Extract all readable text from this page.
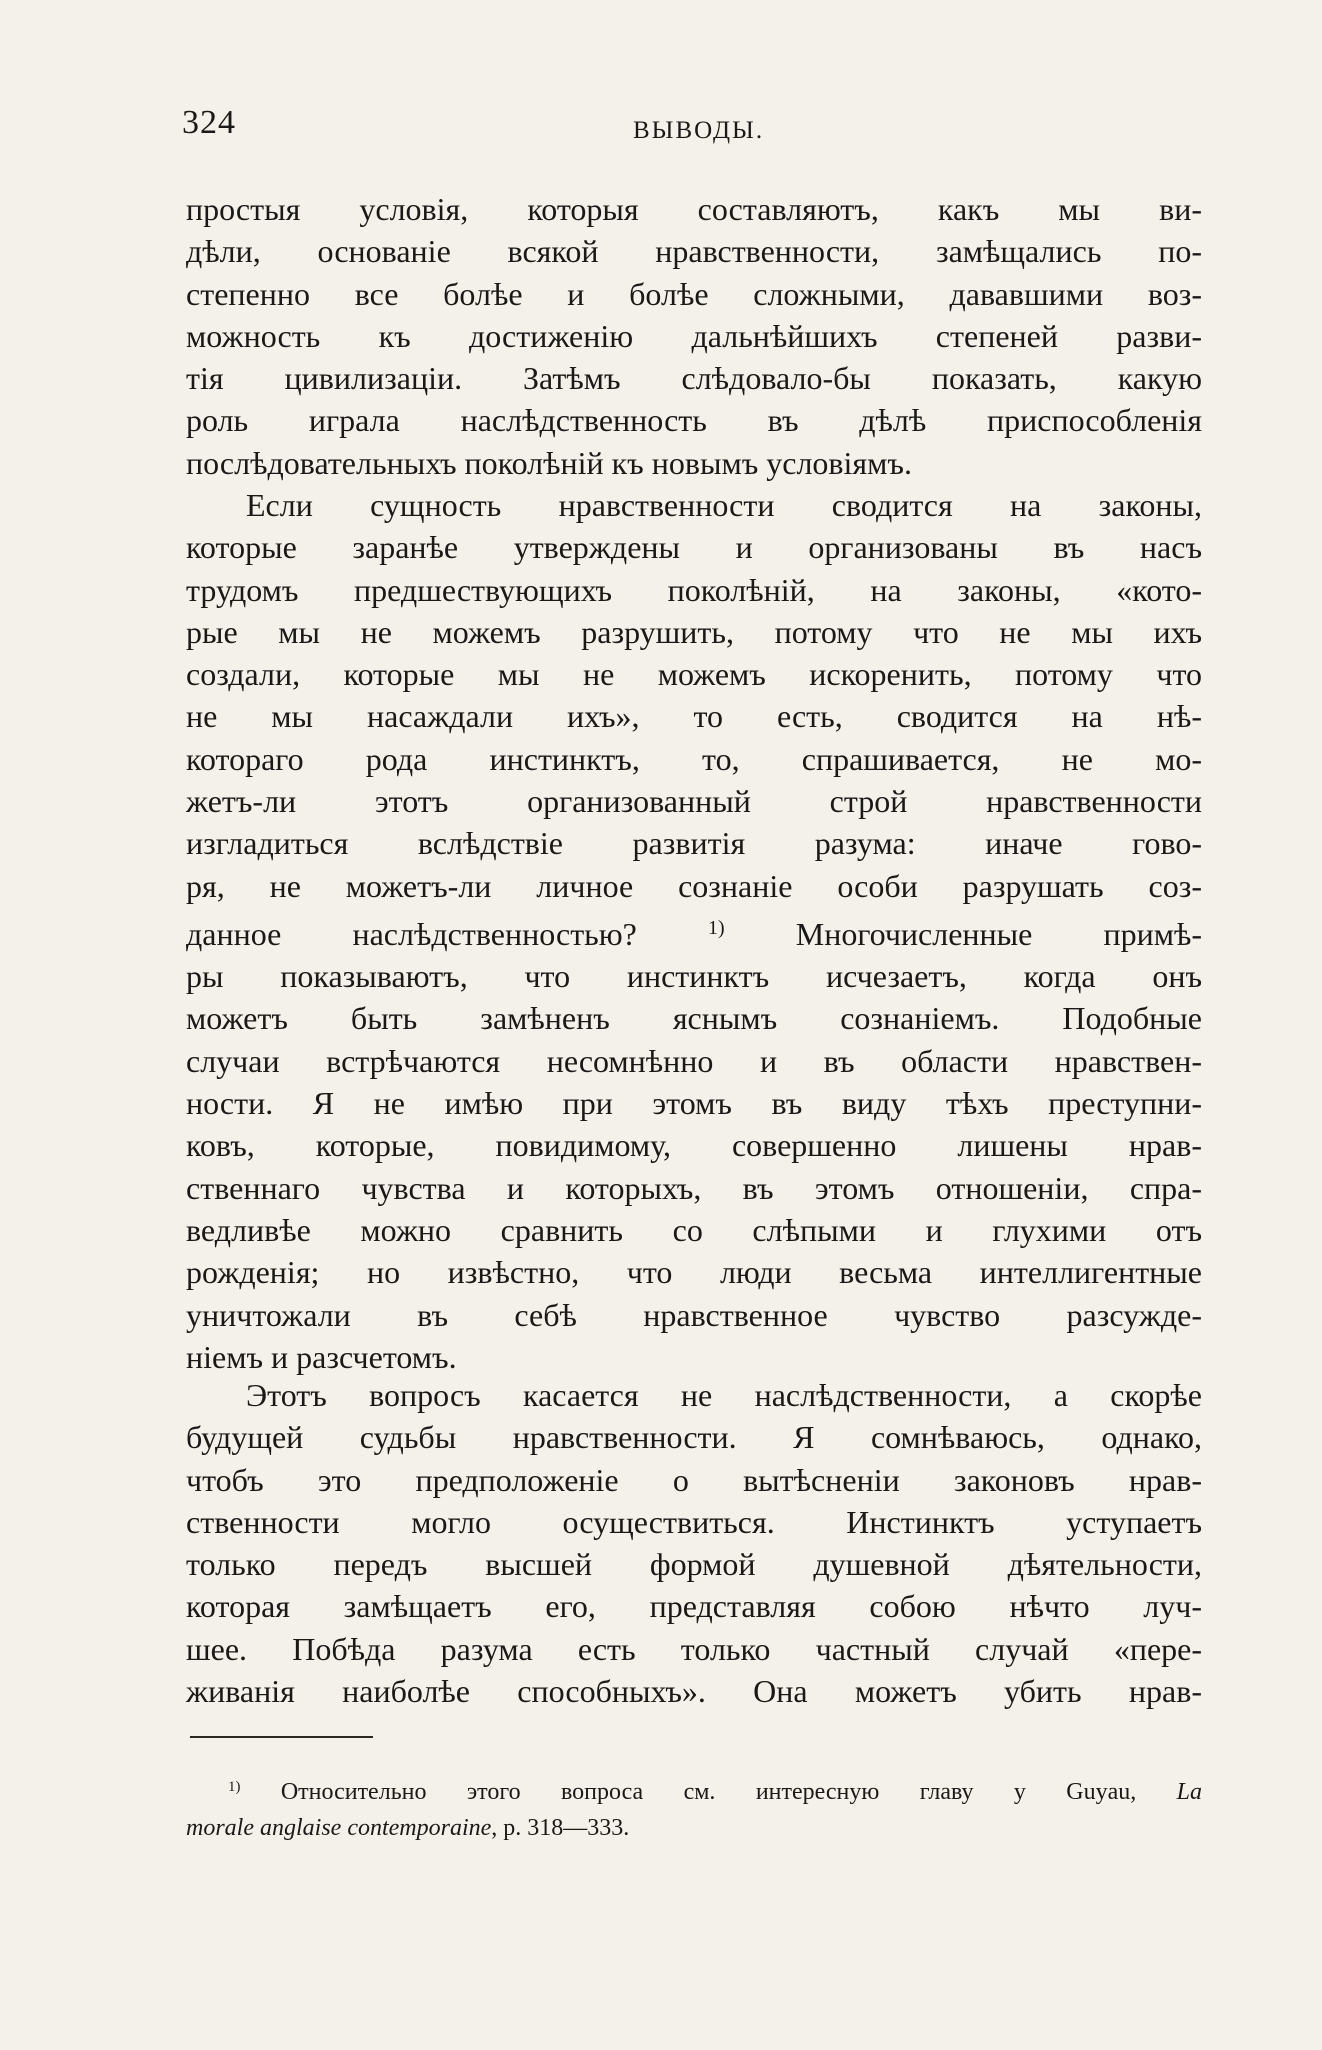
324	ВЫВОДЫ.
простыя условія, которыя составляютъ, какъ мы ви-
дѣли, основаніе всякой нравственности, замѣщались по-
степенно все болѣе и болѣе сложными, дававшими воз-
можность къ достиженію дальнѣйшихъ степеней разви-
тія цивилизаціи. Затѣмъ слѣдовало-бы показать, какую
роль играла наслѣдственность въ дѣлѣ приспособленія
послѣдовательныхъ поколѣній къ новымъ условіямъ.
Если сущность нравственности сводится на законы,
которые заранѣе утверждены и организованы въ насъ
трудомъ предшествующихъ поколѣній, на законы, «кото-
рые мы не можемъ разрушить, потому что не мы ихъ
создали, которые мы не можемъ искоренить, потому что
не мы насаждали ихъ», то есть, сводится на нѣ-
котораго рода инстинктъ, то, спрашивается, не мо-
жетъ-ли этотъ организованный строй нравственности
изгладиться вслѣдствіе развитія разума: иначе гово-
ря, не можетъ-ли личное сознаніе особи разрушать соз-
данное наслѣдственностью?	$^{1)}$ Многочисленные примѣ-
ры показываютъ, что инстинктъ исчезаетъ, когда онъ
можетъ быть замѣненъ яснымъ сознаніемъ. Подобные
случаи встрѣчаются несомнѣнно и въ области нравствен-
ности. Я не имѣю при этомъ въ виду тѣхъ преступни-
ковъ, которые, повидимому, совершенно лишены нрав-
ственнаго чувства и которыхъ, въ этомъ отношеніи, спра-
ведливѣе можно сравнить со слѣпыми и глухими отъ
рожденія; но извѣстно, что люди весьма интеллигентные
уничтожали въ себѣ нравственное чувство разсужде-
ніемъ и разсчетомъ.
Этотъ вопросъ касается не наслѣдственности, а скорѣе
будущей судьбы нравственности. Я сомнѣваюсь, однако,
чтобъ это предположеніе о вытѣсненіи законовъ нрав-
ственности могло осуществиться. Инстинктъ уступаетъ
только передъ высшей формой душевной дѣятельности,
которая замѣщаетъ его, представляя собою нѣчто луч-
шее. Побѣда разума есть только частный случай «пере-
живанія наиболѣе способныхъ». Она можетъ убить нрав-
$^{1)}$ Относительно этого вопроса см. интересную главу у Guyau, La
morale anglaise contemporaine, р. 318—333.
